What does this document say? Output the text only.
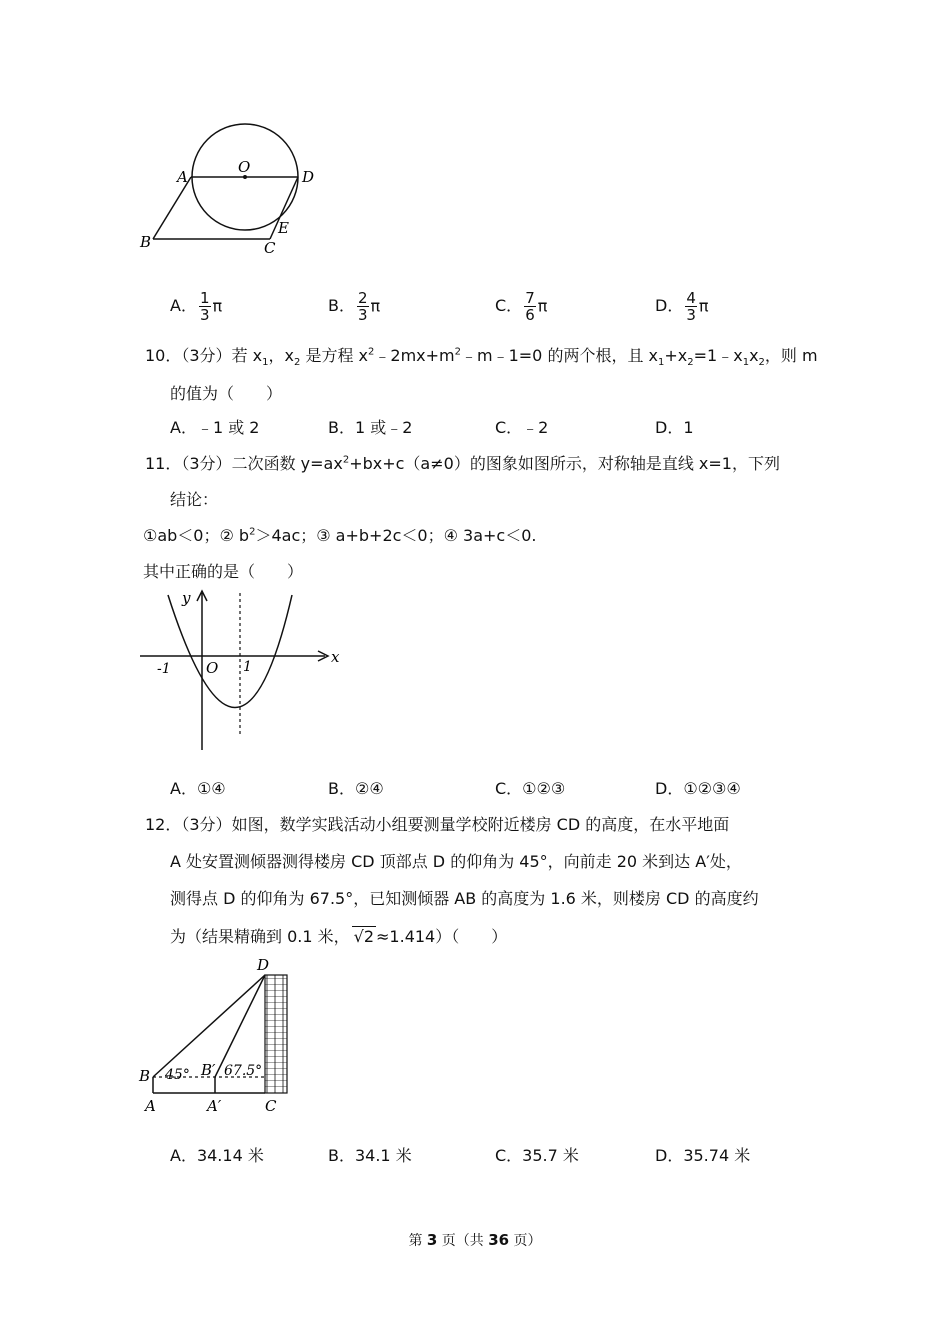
A
O
D
B	C
E
A． $\frac{1}{3}$ π	B． $\frac{2}{3}$ π	C． $\frac{7}{6}$ π	D． $\frac{4}{3}$ π
10．（3分）若 $x_1$，$x_2$ 是方程 $x^2﹣2mx+m^2﹣m﹣1=0$ 的两个根，且 $x_1+x_2=1﹣x_1x_2$，则 m
的值为（　　）
A．﹣1 或 2	B．1 或﹣2	C．﹣2	D．1
11．（3分）二次函数 $y=ax^2+bx+c(a\ne 0)$的图象如图所示，对称轴是直线 x=1，下列
结论：
①ab＜0；② $b^2>4ac$；③ a+b+2c＜0；④ 3a+c＜0.
其中正确的是（　　）
y
x
-1 O 1
A．①④	B．②④	C．①②③	D．①②③④
12．（3分）如图，数学实践活动小组要测量学校附近楼房 CD 的高度，在水平地面
A 处安置测倾器测得楼房 CD 顶部点 D 的仰角为 45°，向前走 20 米到达 A′处，
测得点 D 的仰角为 67.5°，已知测倾器 AB 的高度为 1.6 米，则楼房 CD 的高度约
为（结果精确到 0.1 米， √2 ≈1.414）（　　）
D
B	B′
A	A′	C
45° 67.5°
A．34.14 米	B．34.1 米	C．35.7 米	D．35.74 米
第 3 页（共 36 页）
